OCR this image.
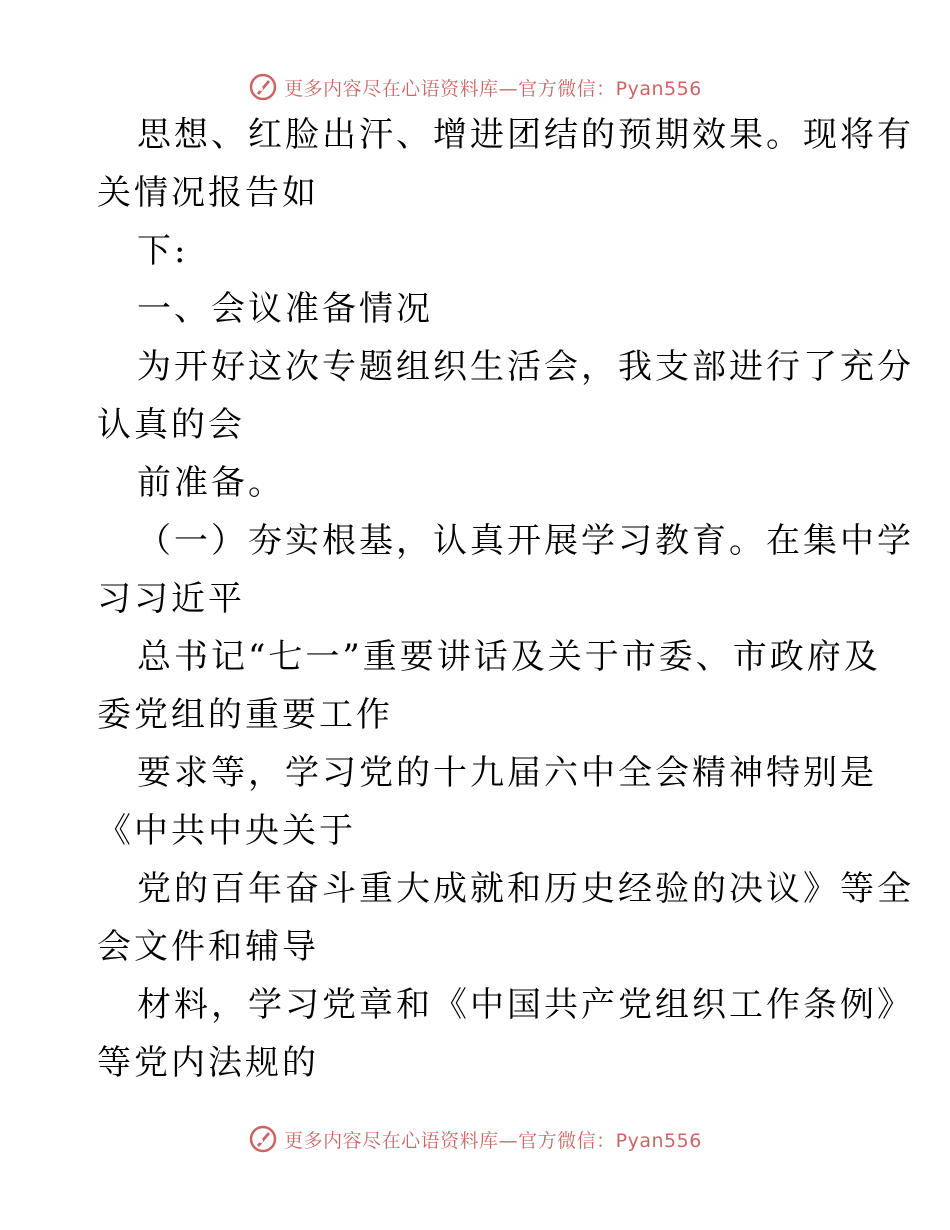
更多内容尽在心语资料库—官方微信：Pyan556
思想、红脸出汗、增进团结的预期效果。现将有
关情况报告如
下:
一、会议准备情况
为开好这次专题组织生活会，我支部进行了充分
认真的会
前准备。
（一）夯实根基，认真开展学习教育。在集中学
习习近平
总书记“七一”重要讲话及关于市委、市政府及
委党组的重要工作
要求等，学习党的十九届六中全会精神特别是
《中共中央关于
党的百年奋斗重大成就和历史经验的决议》等全
会文件和辅导
材料，学习党章和《中国共产党组织工作条例》
等党内法规的
更多内容尽在心语资料库—官方微信：Pyan556
